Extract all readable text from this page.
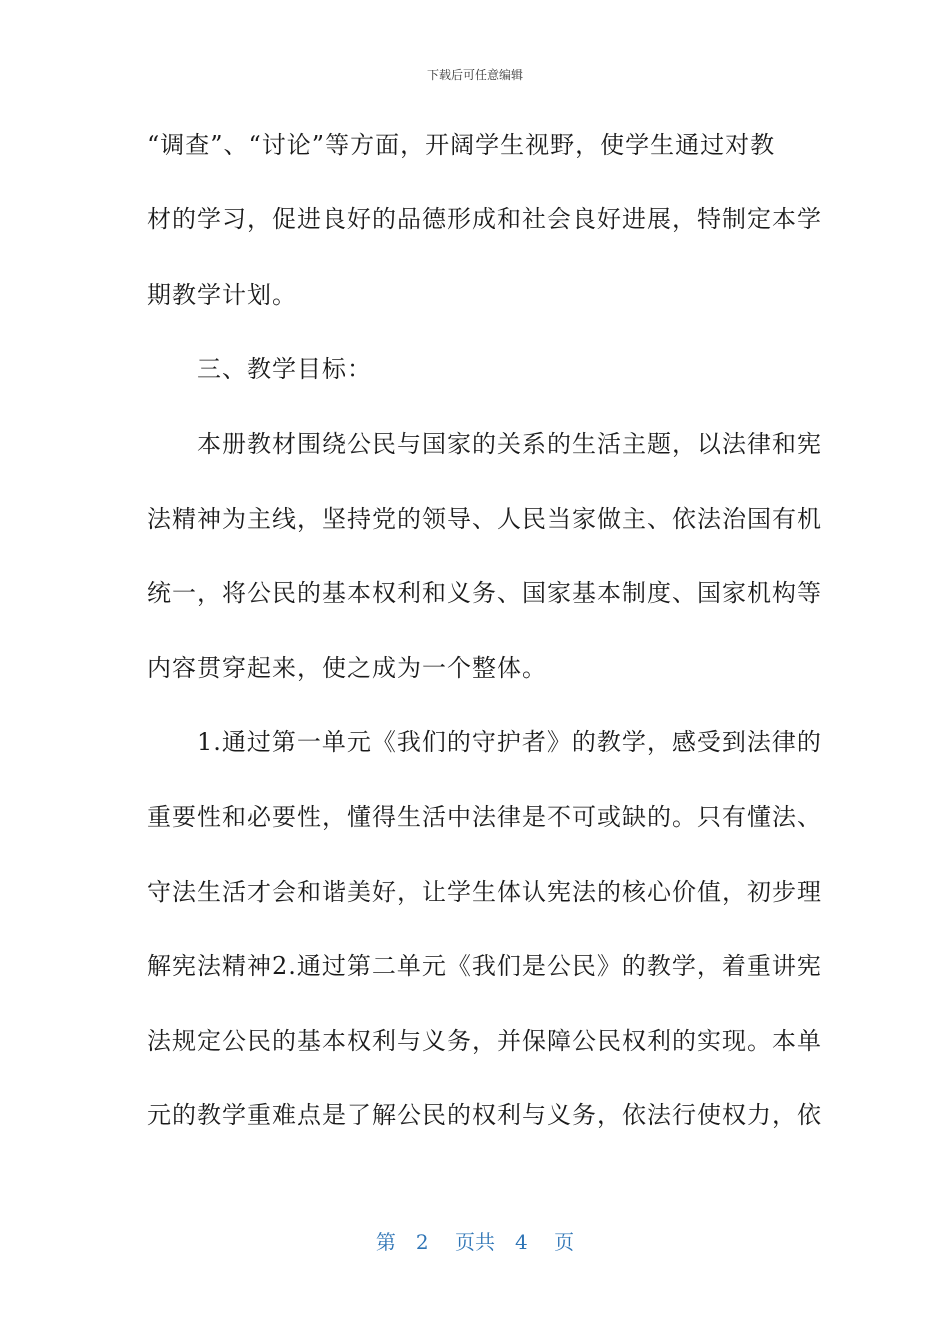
下载后可任意编辑
“调查”、“讨论”等方面，开阔学生视野，使学生通过对教
材的学习，促进良好的品德形成和社会良好进展，特制定本学
期教学计划。
　　三、教学目标：
　　本册教材围绕公民与国家的关系的生活主题，以法律和宪
法精神为主线，坚持党的领导、人民当家做主、依法治国有机
统一，将公民的基本权利和义务、国家基本制度、国家机构等
内容贯穿起来，使之成为一个整体。
　　1.通过第一单元《我们的守护者》的教学，感受到法律的
重要性和必要性，懂得生活中法律是不可或缺的。只有懂法、
守法生活才会和谐美好，让学生体认宪法的核心价值，初步理
解宪法精神2.通过第二单元《我们是公民》的教学，着重讲宪
法规定公民的基本权利与义务，并保障公民权利的实现。本单
元的教学重难点是了解公民的权利与义务，依法行使权力，依
第　2　 页共　4　 页
